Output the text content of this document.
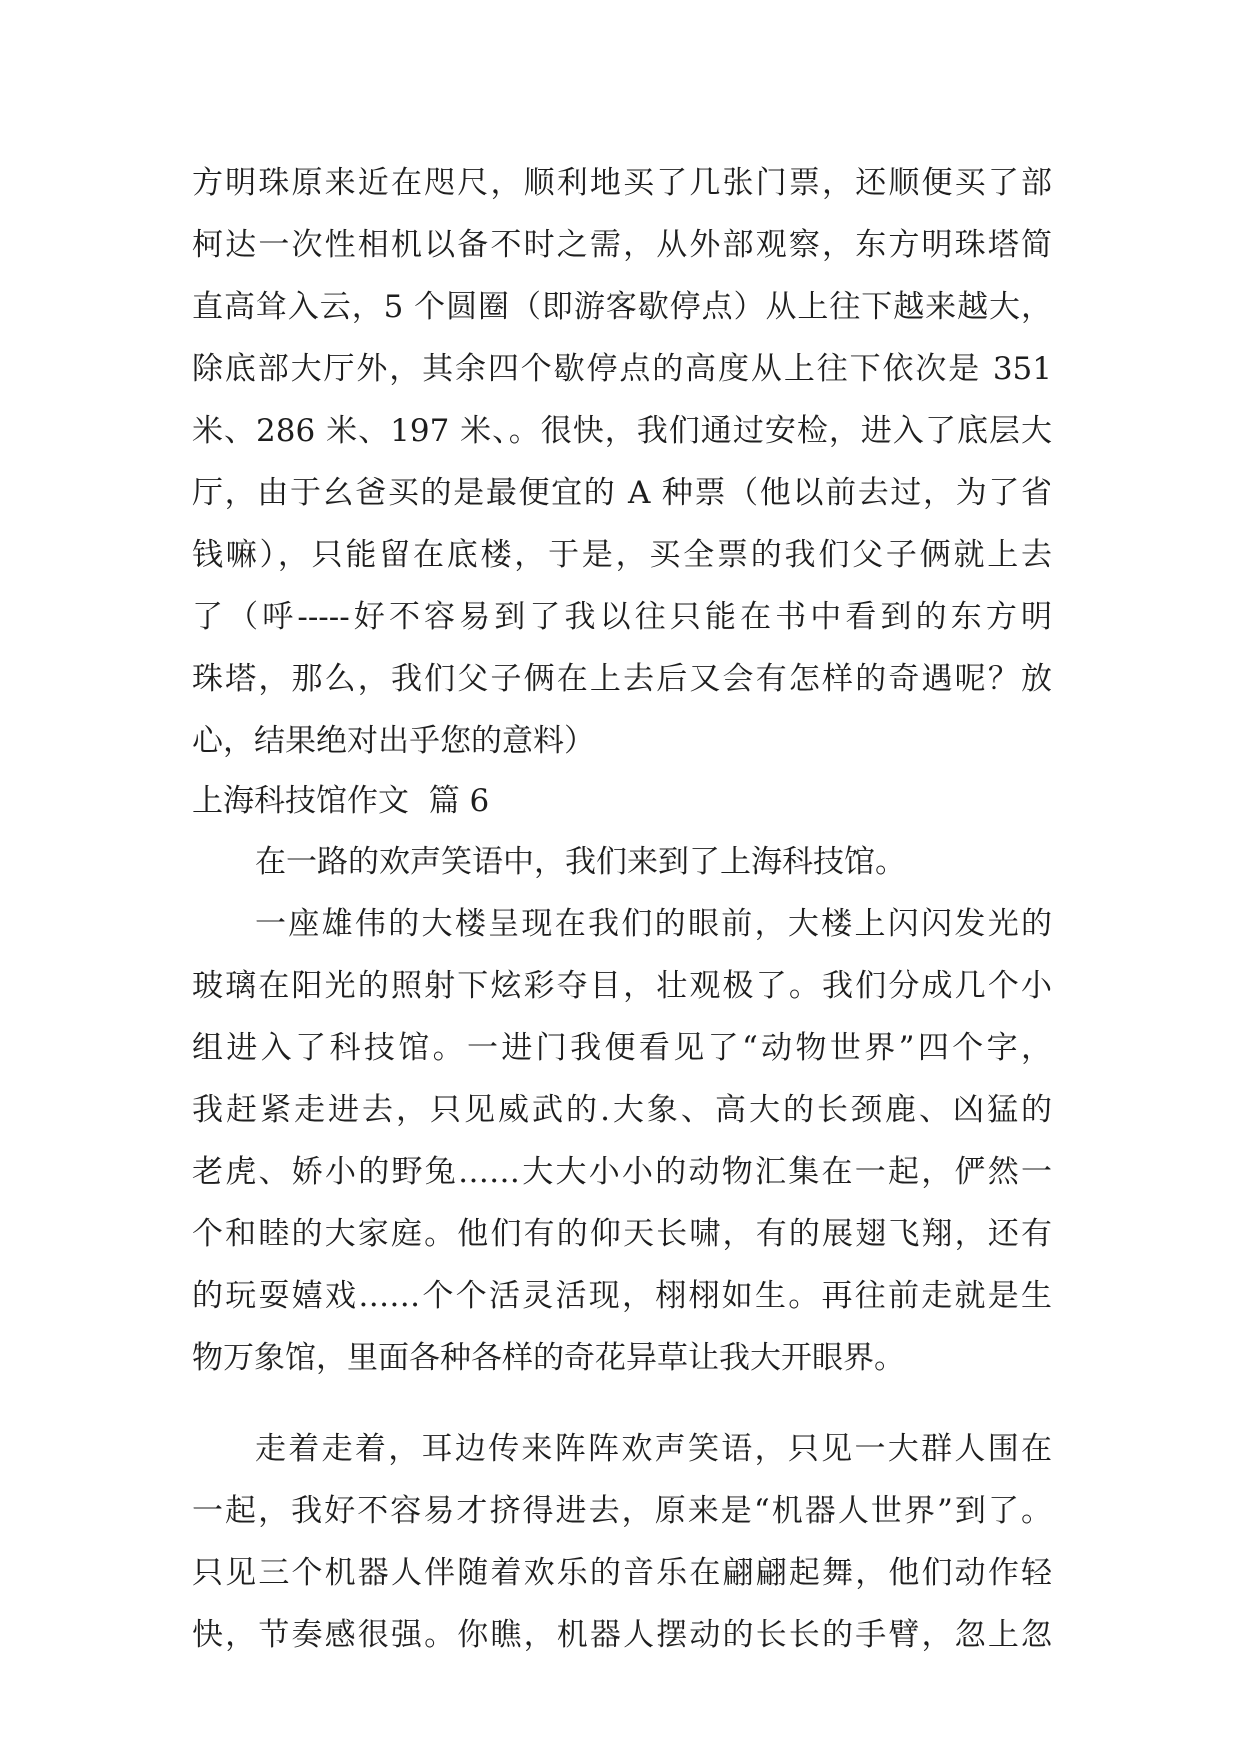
方明珠原来近在咫尺，顺利地买了几张门票，还顺便买了部
柯达一次性相机以备不时之需，从外部观察，东方明珠塔简
直高耸入云，5 个圆圈（即游客歇停点）从上往下越来越大，
除底部大厅外，其余四个歇停点的高度从上往下依次是 351
米、286 米、197 米、。很快，我们通过安检，进入了底层大
厅，由于幺爸买的是最便宜的 A 种票（他以前去过，为了省
钱嘛），只能留在底楼，于是，买全票的我们父子俩就上去
了（呼-----好不容易到了我以往只能在书中看到的东方明
珠塔，那么，我们父子俩在上去后又会有怎样的奇遇呢？放
心，结果绝对出乎您的意料）
上海科技馆作文  篇 6
在一路的欢声笑语中，我们来到了上海科技馆。
一座雄伟的大楼呈现在我们的眼前，大楼上闪闪发光的
玻璃在阳光的照射下炫彩夺目，壮观极了。我们分成几个小
组进入了科技馆。一进门我便看见了“动物世界”四个字，
我赶紧走进去，只见威武的.大象、高大的长颈鹿、凶猛的
老虎、娇小的野兔……大大小小的动物汇集在一起，俨然一
个和睦的大家庭。他们有的仰天长啸，有的展翅飞翔，还有
的玩耍嬉戏……个个活灵活现，栩栩如生。再往前走就是生
物万象馆，里面各种各样的奇花异草让我大开眼界。
走着走着，耳边传来阵阵欢声笑语，只见一大群人围在
一起，我好不容易才挤得进去，原来是“机器人世界”到了。
只见三个机器人伴随着欢乐的音乐在翩翩起舞，他们动作轻
快，节奏感很强。你瞧，机器人摆动的长长的手臂，忽上忽
